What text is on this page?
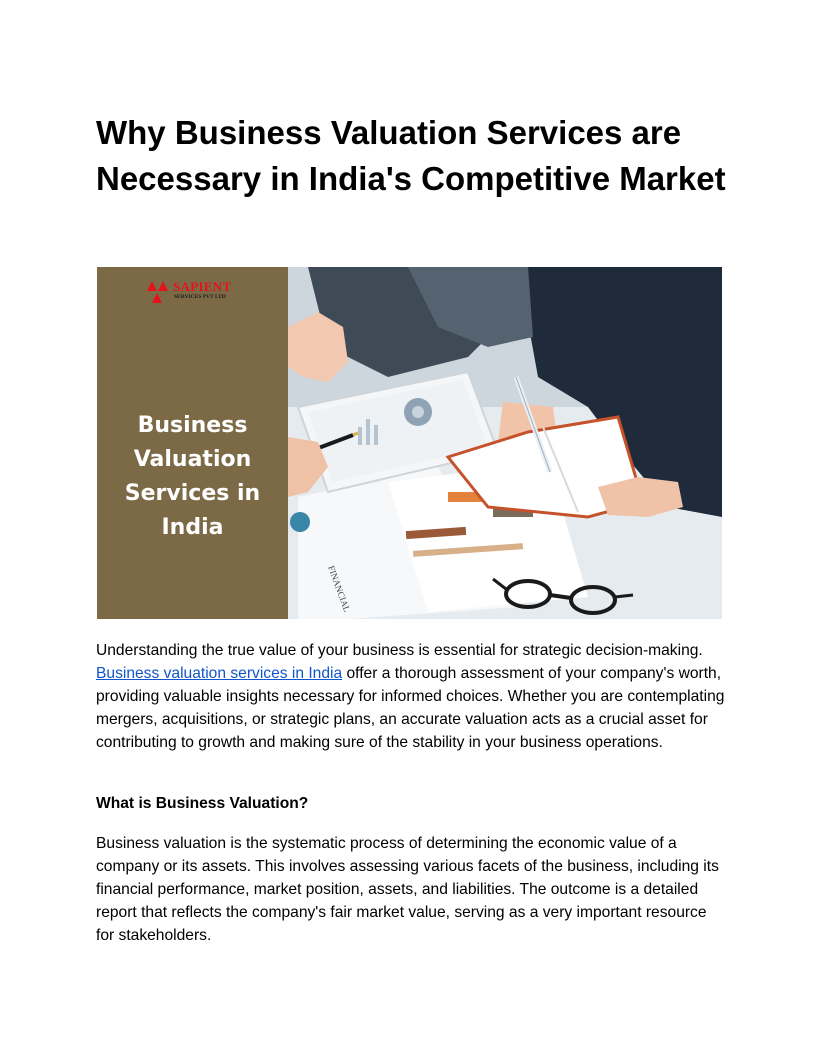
Why Business Valuation Services are Necessary in India's Competitive Market
SAPIENT
SERVICES PVT LTD
Business Valuation Services in India
FINANCIAL

Understanding the true value of your business is essential for strategic decision-making. Business valuation services in India offer a thorough assessment of your company's worth, providing valuable insights necessary for informed choices. Whether you are contemplating mergers, acquisitions, or strategic plans, an accurate valuation acts as a crucial asset for contributing to growth and making sure of the stability in your business operations.

What is Business Valuation?

Business valuation is the systematic process of determining the economic value of a company or its assets. This involves assessing various facets of the business, including its financial performance, market position, assets, and liabilities. The outcome is a detailed report that reflects the company's fair market value, serving as a very important resource for stakeholders.
